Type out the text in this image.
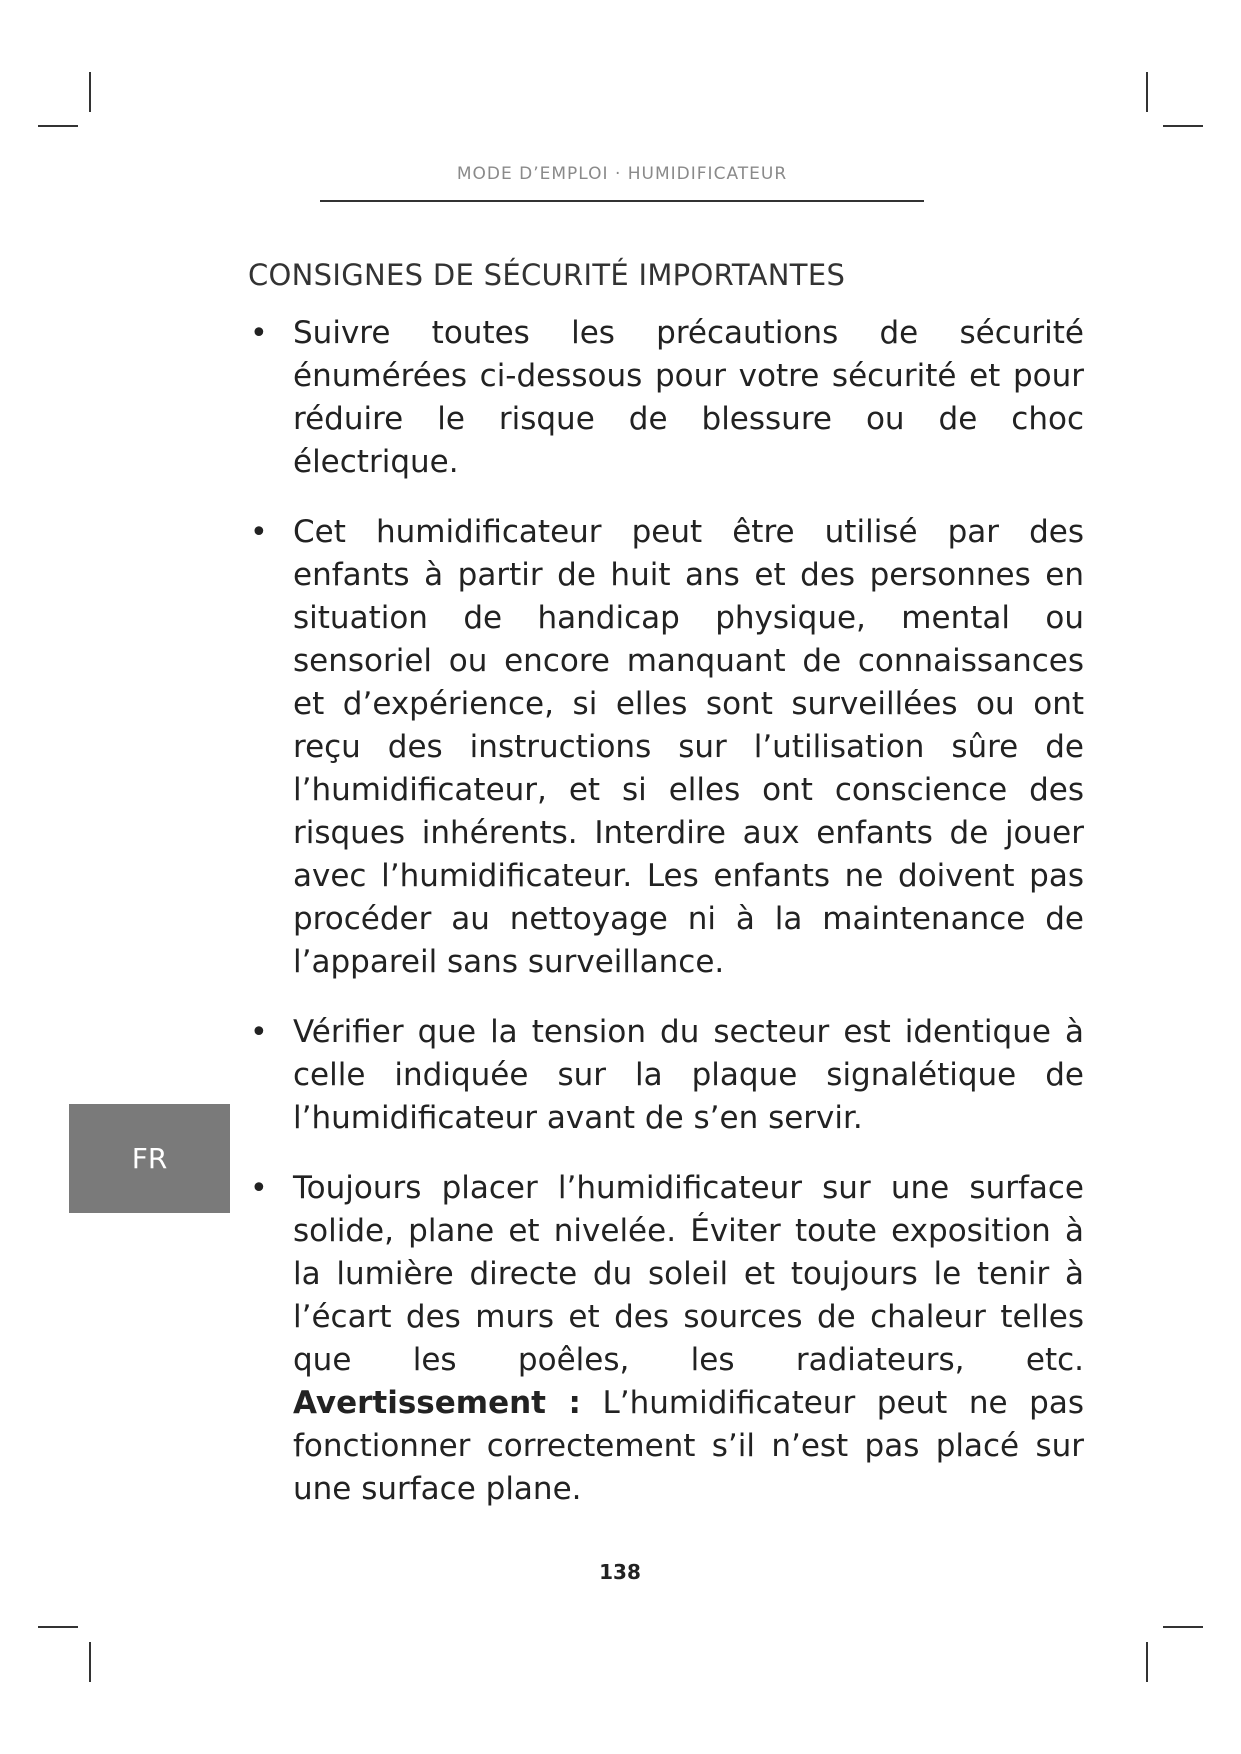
MODE D’EMPLOI · HUMIDIFICATEUR
CONSIGNES DE SÉCURITÉ IMPORTANTES
• Suivre toutes les précautions de sécurité énumérées ci-dessous pour votre sécurité et pour réduire le risque de blessure ou de choc électrique.
• Cet humidificateur peut être utilisé par des enfants à partir de huit ans et des personnes en situation de handicap physique, mental ou sensoriel ou encore manquant de connaissances et d’expérience, si elles sont surveillées ou ont reçu des instructions sur l’utilisation sûre de l’humidificateur, et si elles ont conscience des risques inhérents. Interdire aux enfants de jouer avec l’humidificateur. Les enfants ne doivent pas procéder au nettoyage ni à la maintenance de l’appareil sans surveillance.
• Vérifier que la tension du secteur est identique à celle indiquée sur la plaque signalétique de l’humidificateur avant de s’en servir.
• Toujours placer l’humidificateur sur une surface solide, plane et nivelée. Éviter toute exposition à la lumière directe du soleil et toujours le tenir à l’écart des murs et des sources de chaleur telles que les poêles, les radiateurs, etc. Avertissement : L’humidificateur peut ne pas fonctionner correctement s’il n’est pas placé sur une surface plane.
FR
138
